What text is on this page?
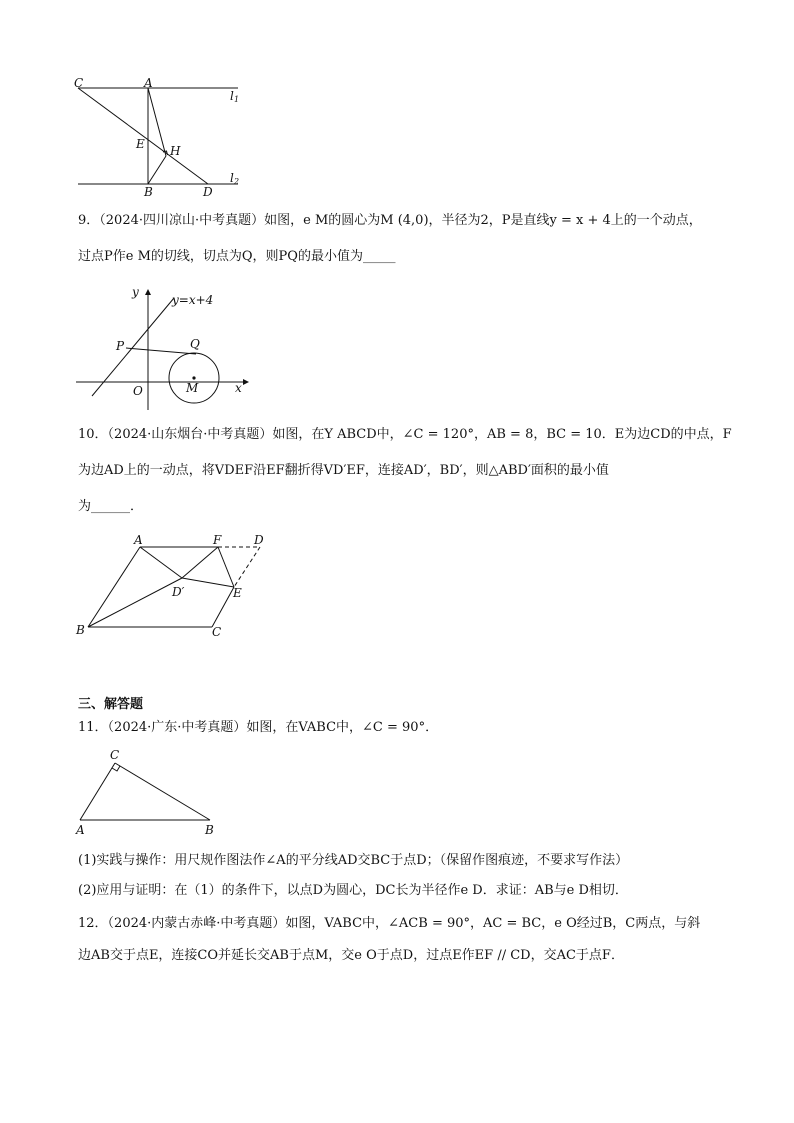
C	A
l 1
E H
B	D
l 2
9．（2024·四川凉山·中考真题）如图，e M的圆心为M (4,0)，半径为2，P是直线y = x + 4上的一个动点，
过点P作e M的切线，切点为Q，则PQ的最小值为_____
y
y=x+4
P	Q
O	M	x
10．（2024·山东烟台·中考真题）如图，在Y ABCD中，∠C = 120°，AB = 8，BC = 10．E为边CD的中点，F
为边AD上的一动点，将VDEF沿EF翻折得VD′EF，连接AD′，BD′，则△ABD′面积的最小值
为______．
A	F	D
D′	E
B	C
三、解答题
11．（2024·广东·中考真题）如图，在VABC中，∠C = 90°．
C
A	B
(1)实践与操作：用尺规作图法作∠A的平分线AD交BC于点D；（保留作图痕迹，不要求写作法）
(2)应用与证明：在（1）的条件下，以点D为圆心，DC长为半径作e D．求证：AB与e D相切．
12．（2024·内蒙古赤峰·中考真题）如图，VABC中，∠ACB = 90°，AC = BC，e O经过B，C两点，与斜
边AB交于点E，连接CO并延长交AB于点M，交e O于点D，过点E作EF // CD，交AC于点F．
